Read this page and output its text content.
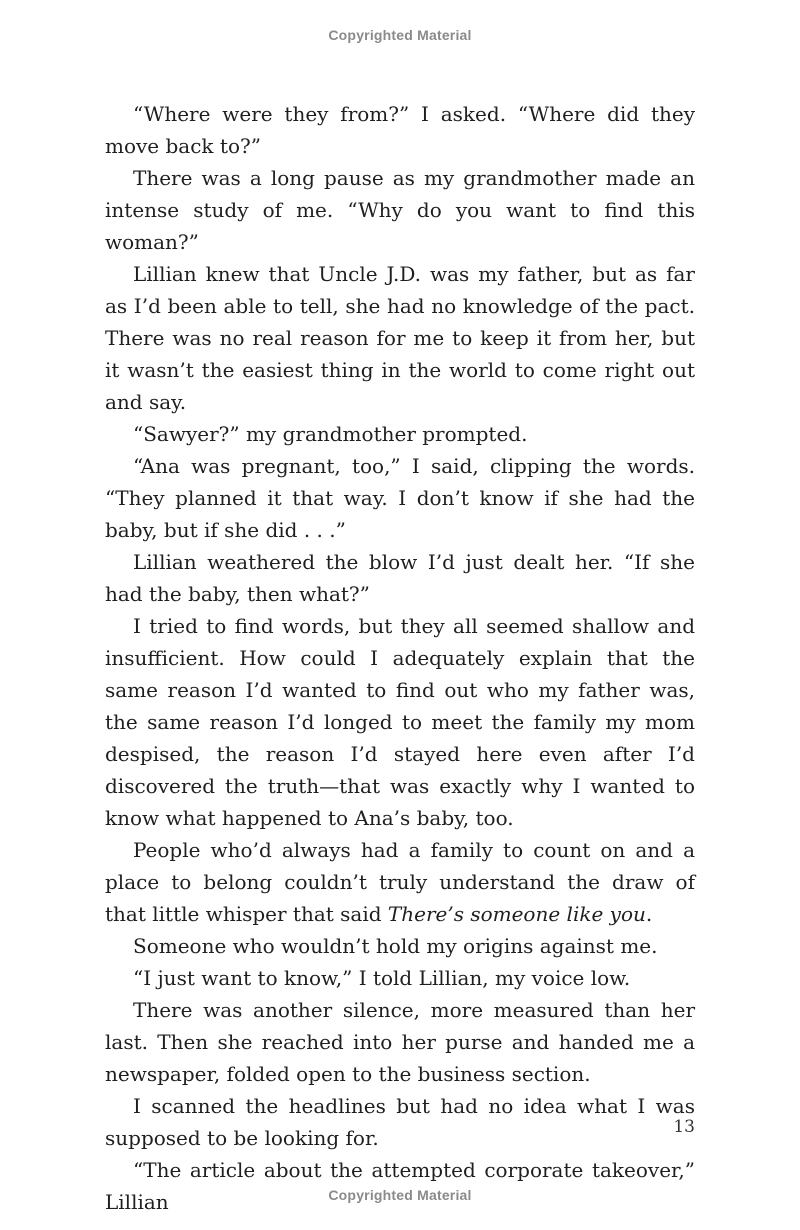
Copyrighted Material

“Where were they from?” I asked. “Where did they move back to?”

There was a long pause as my grandmother made an intense study of me. “Why do you want to find this woman?”

Lillian knew that Uncle J.D. was my father, but as far as I’d been able to tell, she had no knowledge of the pact. There was no real reason for me to keep it from her, but it wasn’t the easiest thing in the world to come right out and say.

“Sawyer?” my grandmother prompted.

“Ana was pregnant, too,” I said, clipping the words. “They planned it that way. I don’t know if she had the baby, but if she did . . .”

Lillian weathered the blow I’d just dealt her. “If she had the baby, then what?”

I tried to find words, but they all seemed shallow and insufficient. How could I adequately explain that the same reason I’d wanted to find out who my father was, the same reason I’d longed to meet the family my mom despised, the reason I’d stayed here even after I’d discovered the truth—that was exactly why I wanted to know what happened to Ana’s baby, too.

People who’d always had a family to count on and a place to belong couldn’t truly understand the draw of that little whisper that said There’s someone like you.

Someone who wouldn’t hold my origins against me.

“I just want to know,” I told Lillian, my voice low.

There was another silence, more measured than her last. Then she reached into her purse and handed me a newspaper, folded open to the business section.

I scanned the headlines but had no idea what I was supposed to be looking for.

“The article about the attempted corporate takeover,” Lillian

13
Copyrighted Material
